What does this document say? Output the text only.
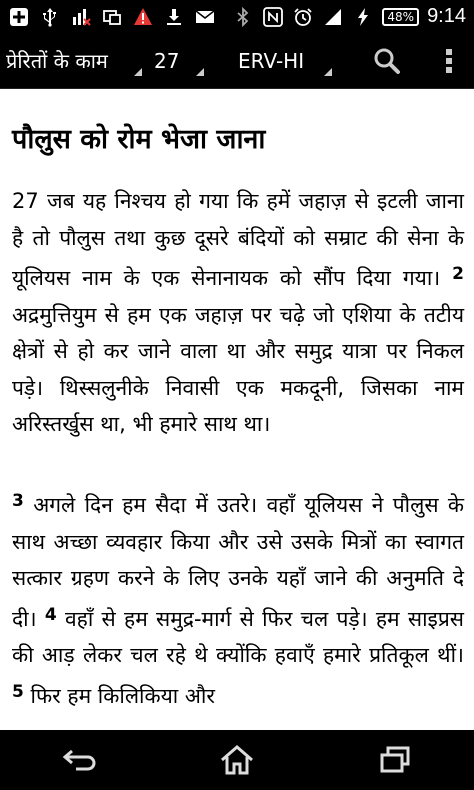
48% 9:14
प्रेरितों के काम 27	ERV-HI
पौलुस को रोम भेजा जाना

27 जब यह निश्चय हो गया कि हमें जहाज़ से इटली जाना है तो पौलुस तथा कुछ दूसरे बंदियों को सम्राट की सेना के यूलियस नाम के एक सेनानायक को सौंप दिया गया। $^2$ अद्रमुत्तियुम से हम एक जहाज़ पर चढ़े जो एशिया के तटीय क्षेत्रों से हो कर जाने वाला था और समुद्र यात्रा पर निकल पड़े। थिस्सलुनीके निवासी एक मकदूनी, जिसका नाम अरिस्तर्खुस था, भी हमारे साथ था।

$^3$ अगले दिन हम सैदा में उतरे। वहाँ यूलियस ने पौलुस के साथ अच्छा व्यवहार किया और उसे उसके मित्रों का स्वागत सत्कार ग्रहण करने के लिए उनके यहाँ जाने की अनुमति दे दी। $^4$ वहाँ से हम समुद्र-मार्ग से फिर चल पड़े। हम साइप्रस की आड़ लेकर चल रहे थे क्योंकि हवाएँ हमारे प्रतिकूल थीं। $^5$ फिर हम किलिकिया और
